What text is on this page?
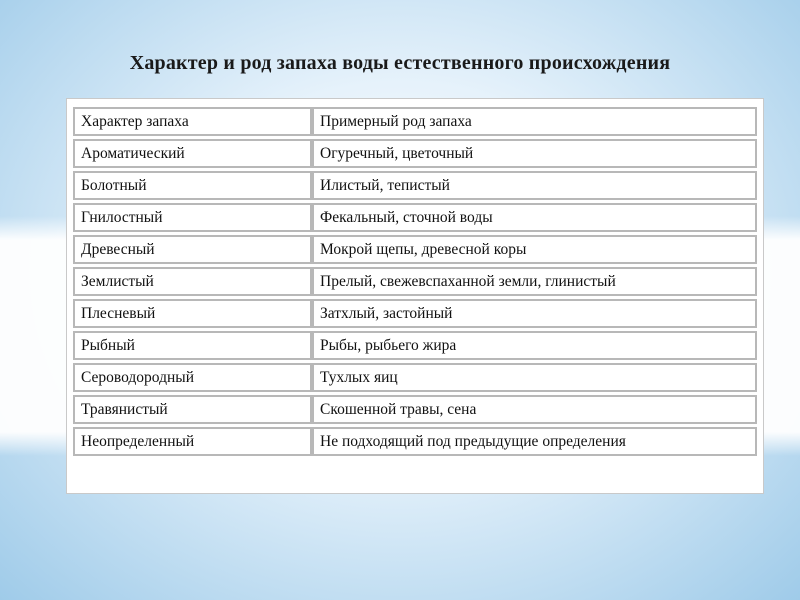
Характер и род запаха воды естественного происхождения
Характер запаха	Примерный род запаха
Ароматический	Огуречный, цветочный
Болотный	Илистый, тепистый
Гнилостный	Фекальный, сточной воды
Древесный	Мокрой щепы, древесной коры
Землистый	Прелый, свежевспаханной земли, глинистый
Плесневый	Затхлый, застойный
Рыбный	Рыбы, рыбьего жира
Сероводородный	Тухлых яиц
Травянистый	Скошенной травы, сена
Неопределенный	Не подходящий под предыдущие определения
